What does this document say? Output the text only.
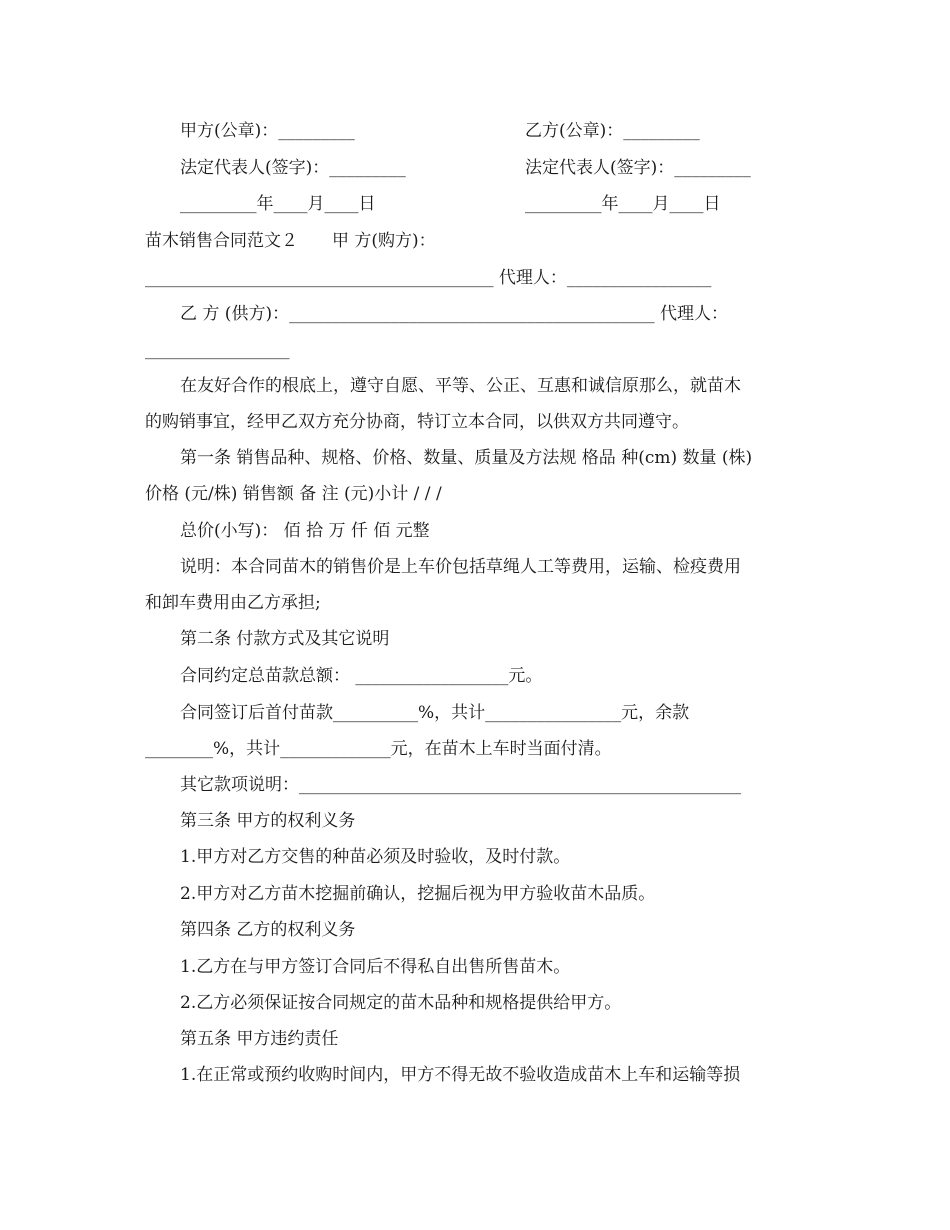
甲方(公章)：_________	乙方(公章)：_________
法定代表人(签字)：_________	法定代表人(签字)：_________
_________年____月____日	_________年____月____日
苗木销售合同范文２　　甲 方(购方)：
_________________________________________ 代理人：_________________
乙 方 (供方)：___________________________________________ 代理人：
_________________
在友好合作的根底上，遵守自愿、平等、公正、互惠和诚信原那么，就苗木
的购销事宜，经甲乙双方充分协商，特订立本合同，以供双方共同遵守。
第一条 销售品种、规格、价格、数量、质量及方法规 格品 种(cm) 数量 (株)
价格 (元/株) 销售额 备 注 (元)小计 / / /
总价(小写)： 佰 拾 万 仟 佰 元整
说明：本合同苗木的销售价是上车价包括草绳人工等费用，运输、检疫费用
和卸车费用由乙方承担;
第二条 付款方式及其它说明
合同约定总苗款总额： __________________元。
合同签订后首付苗款__________%，共计________________元，余款
________%，共计_____________元，在苗木上车时当面付清。
其它款项说明：____________________________________________________
第三条 甲方的权利义务
1.甲方对乙方交售的种苗必须及时验收，及时付款。
2.甲方对乙方苗木挖掘前确认，挖掘后视为甲方验收苗木品质。
第四条 乙方的权利义务
1.乙方在与甲方签订合同后不得私自出售所售苗木。
2.乙方必须保证按合同规定的苗木品种和规格提供给甲方。
第五条 甲方违约责任
1.在正常或预约收购时间内，甲方不得无故不验收造成苗木上车和运输等损
